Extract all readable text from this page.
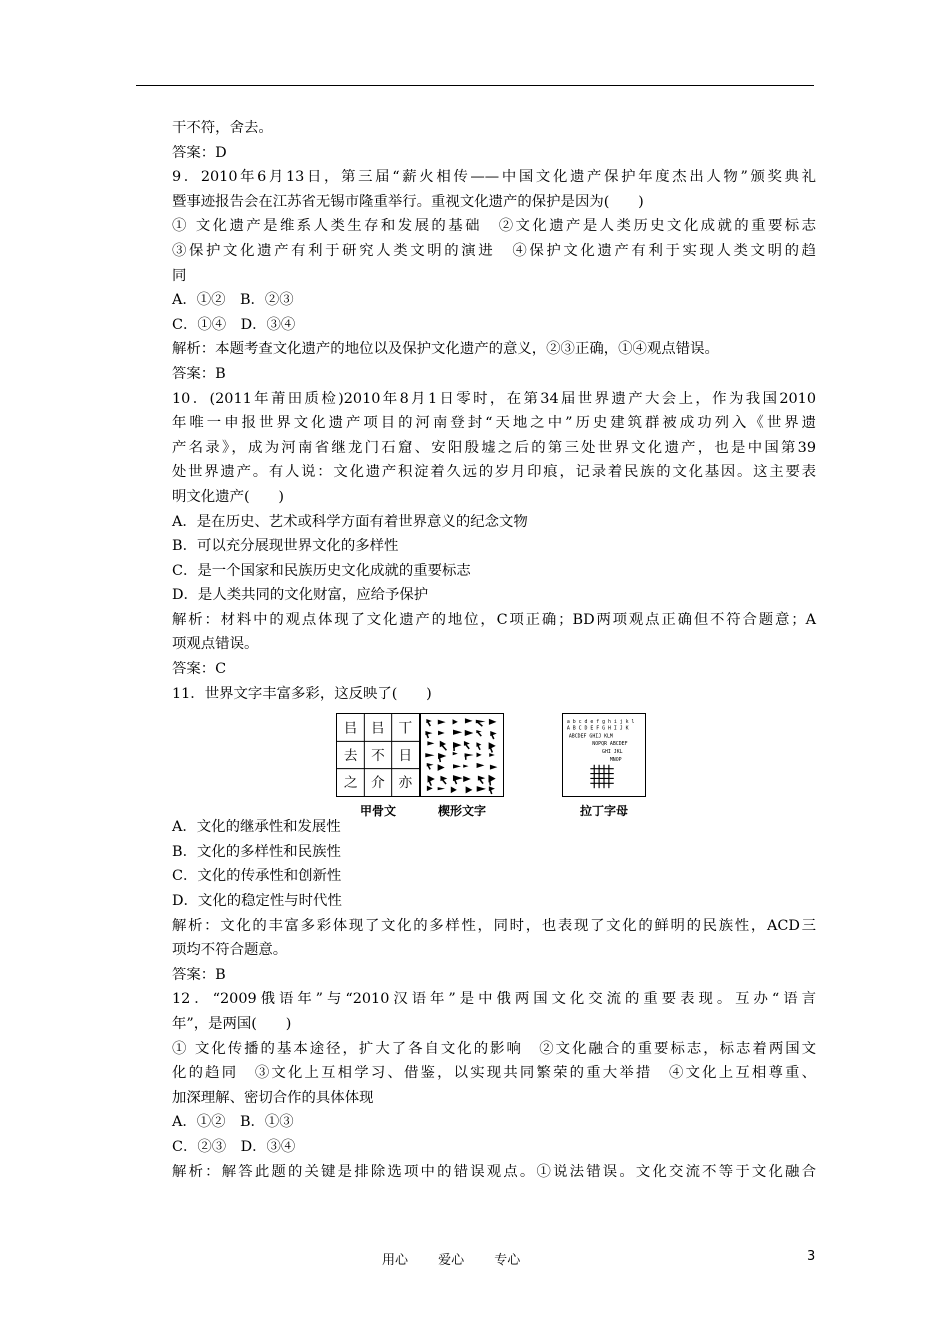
干不符，舍去。
答案：D
9．2010年6月13日，第三届“薪火相传——中国文化遗产保护年度杰出人物”颁奖典礼
暨事迹报告会在江苏省无锡市隆重举行。重视文化遗产的保护是因为(　　)
① 文化遗产是维系人类生存和发展的基础　②文化遗产是人类历史文化成就的重要标志
③保护文化遗产有利于研究人类文明的演进　④保护文化遗产有利于实现人类文明的趋
同
A．①②　B．②③
C．①④　D．③④
解析：本题考查文化遗产的地位以及保护文化遗产的意义，②③正确，①④观点错误。
答案：B
10．(2011年莆田质检)2010年8月1日零时，在第34届世界遗产大会上，作为我国2010
年唯一申报世界文化遗产项目的河南登封“天地之中”历史建筑群被成功列入《世界遗
产名录》，成为河南省继龙门石窟、安阳殷墟之后的第三处世界文化遗产，也是中国第39
处世界遗产。有人说：文化遗产积淀着久远的岁月印痕，记录着民族的文化基因。这主要表
明文化遗产(　　)
A．是在历史、艺术或科学方面有着世界意义的纪念文物
B．可以充分展现世界文化的多样性
C．是一个国家和民族历史文化成就的重要标志
D．是人类共同的文化财富，应给予保护
解析：材料中的观点体现了文化遗产的地位，C项正确；BD两项观点正确但不符合题意；A
项观点错误。
答案：C
11．世界文字丰富多彩，这反映了(　　)
㠯 㠯 丅
去 不 日
之 介 亦
甲骨文	楔形文字
a b c d e f g h i j k l
A B C D E F G H I J K
ABCDEF GHIJ KLM
NOPQR ABCDEF
GHI JKL
MNOP
拉丁字母
A．文化的继承性和发展性
B．文化的多样性和民族性
C．文化的传承性和创新性
D．文化的稳定性与时代性
解析：文化的丰富多彩体现了文化的多样性，同时，也表现了文化的鲜明的民族性，ACD三
项均不符合题意。
答案：B
12．“2009俄语年”与“2010汉语年”是中俄两国文化交流的重要表现。互办“语言
年”，是两国(　　)
① 文化传播的基本途径，扩大了各自文化的影响　②文化融合的重要标志，标志着两国文
化的趋同　③文化上互相学习、借鉴，以实现共同繁荣的重大举措　④文化上互相尊重、
加深理解、密切合作的具体体现
A．①②　B．①③
C．②③　D．③④
解析：解答此题的关键是排除选项中的错误观点。①说法错误。文化交流不等于文化融合
用心　　 爱心　　 专心	3
